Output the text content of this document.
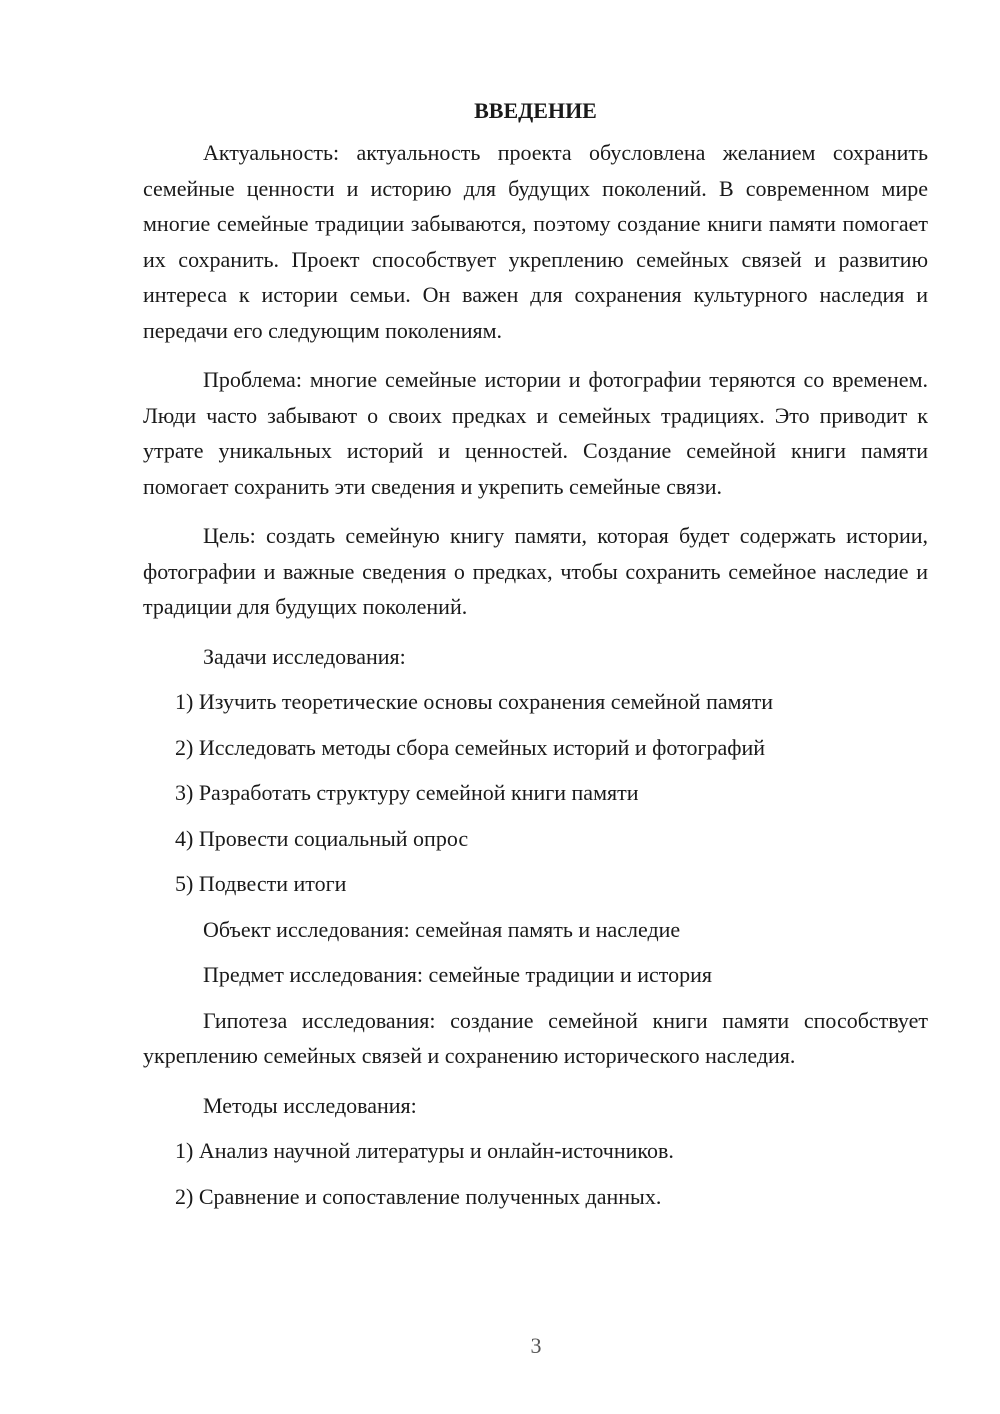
ВВЕДЕНИЕ

Актуальность: актуальность проекта обусловлена желанием сохранить семейные ценности и историю для будущих поколений. В современном мире многие семейные традиции забываются, поэтому создание книги памяти помогает их сохранить. Проект способствует укреплению семейных связей и развитию интереса к истории семьи. Он важен для сохранения культурного наследия и передачи его следующим поколениям.

Проблема: многие семейные истории и фотографии теряются со временем. Люди часто забывают о своих предках и семейных традициях. Это приводит к утрате уникальных историй и ценностей. Создание семейной книги памяти помогает сохранить эти сведения и укрепить семейные связи.

Цель: создать семейную книгу памяти, которая будет содержать истории, фотографии и важные сведения о предках, чтобы сохранить семейное наследие и традиции для будущих поколений.

Задачи исследования:

1) Изучить теоретические основы сохранения семейной памяти

2) Исследовать методы сбора семейных историй и фотографий

3) Разработать структуру семейной книги памяти

4) Провести социальный опрос

5) Подвести итоги

Объект исследования: семейная память и наследие

Предмет исследования: семейные традиции и история

Гипотеза исследования: создание семейной книги памяти способствует укреплению семейных связей и сохранению исторического наследия.

Методы исследования:

1) Анализ научной литературы и онлайн-источников.

2) Сравнение и сопоставление полученных данных.

3
